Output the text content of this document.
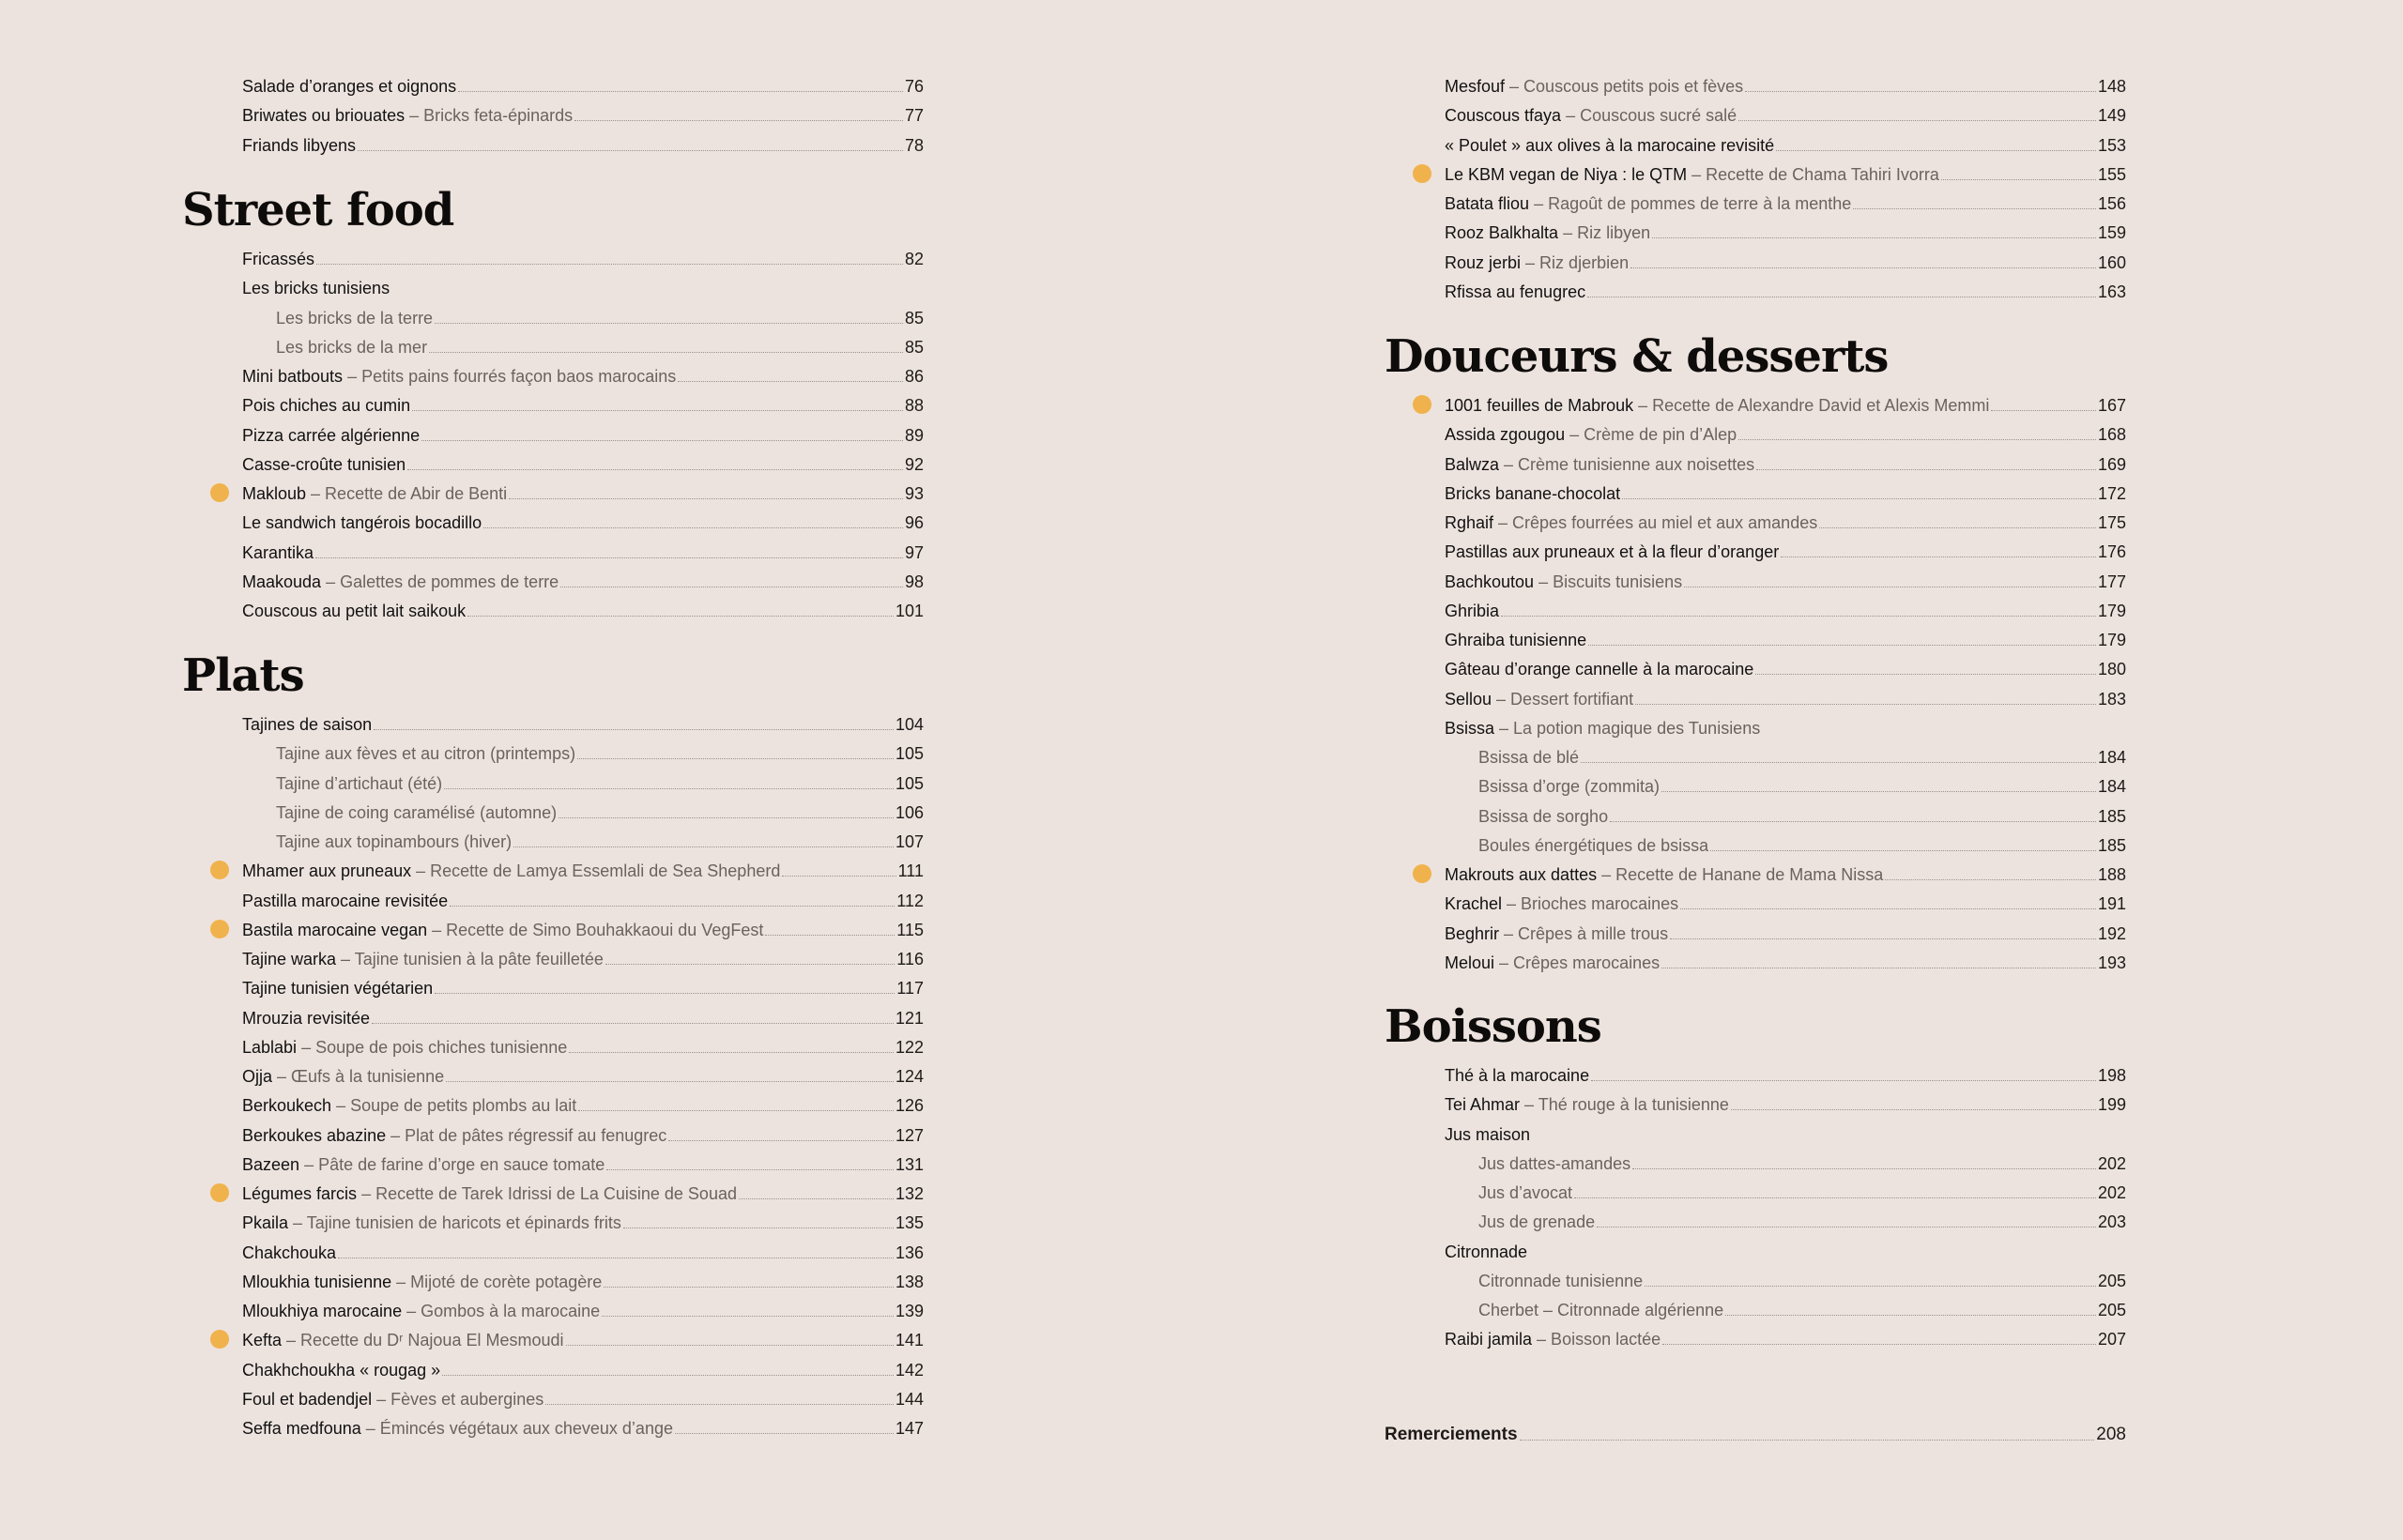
Salade d’oranges et oignons	76
Briwates ou briouates – Bricks feta-épinards	77
Friands libyens	78
Street food
Fricassés	82
Les bricks tunisiens
Les bricks de la terre	85
Les bricks de la mer	85
Mini batbouts – Petits pains fourrés façon baos marocains	86
Pois chiches au cumin	88
Pizza carrée algérienne	89
Casse-croûte tunisien	92
Makloub – Recette de Abir de Benti	93
Le sandwich tangérois bocadillo	96
Karantika	97
Maakouda – Galettes de pommes de terre	98
Couscous au petit lait saikouk	101
Plats
Tajines de saison	104
Tajine aux fèves et au citron (printemps)	105
Tajine d’artichaut (été)	105
Tajine de coing caramélisé (automne)	106
Tajine aux topinambours (hiver)	107
Mhamer aux pruneaux – Recette de Lamya Essemlali de Sea Shepherd	111
Pastilla marocaine revisitée	112
Bastila marocaine vegan – Recette de Simo Bouhakkaoui du VegFest	115
Tajine warka – Tajine tunisien à la pâte feuilletée	116
Tajine tunisien végétarien	117
Mrouzia revisitée	121
Lablabi – Soupe de pois chiches tunisienne	122
Ojja – Œufs à la tunisienne	124
Berkoukech – Soupe de petits plombs au lait	126
Berkoukes abazine – Plat de pâtes régressif au fenugrec	127
Bazeen – Pâte de farine d’orge en sauce tomate	131
Légumes farcis – Recette de Tarek Idrissi de La Cuisine de Souad	132
Pkaila – Tajine tunisien de haricots et épinards frits	135
Chakchouka	136
Mloukhia tunisienne – Mijoté de corète potagère	138
Mloukhiya marocaine – Gombos à la marocaine	139
Kefta – Recette du Dʳ Najoua El Mesmoudi	141
Chakhchoukha « rougag »	142
Foul et badendjel – Fèves et aubergines	144
Seffa medfouna – Émincés végétaux aux cheveux d’ange	147
Mesfouf – Couscous petits pois et fèves	148
Couscous tfaya – Couscous sucré salé	149
« Poulet » aux olives à la marocaine revisité	153
Le KBM vegan de Niya : le QTM – Recette de Chama Tahiri Ivorra	155
Batata fliou – Ragoût de pommes de terre à la menthe	156
Rooz Balkhalta – Riz libyen	159
Rouz jerbi – Riz djerbien	160
Rfissa au fenugrec	163
Douceurs & desserts
1001 feuilles de Mabrouk – Recette de Alexandre David et Alexis Memmi	167
Assida zgougou – Crème de pin d’Alep	168
Balwza – Crème tunisienne aux noisettes	169
Bricks banane-chocolat	172
Rghaif – Crêpes fourrées au miel et aux amandes	175
Pastillas aux pruneaux et à la fleur d’oranger	176
Bachkoutou – Biscuits tunisiens	177
Ghribia	179
Ghraiba tunisienne	179
Gâteau d’orange cannelle à la marocaine	180
Sellou – Dessert fortifiant	183
Bsissa – La potion magique des Tunisiens
Bsissa de blé	184
Bsissa d’orge (zommita)	184
Bsissa de sorgho	185
Boules énergétiques de bsissa	185
Makrouts aux dattes – Recette de Hanane de Mama Nissa	188
Krachel – Brioches marocaines	191
Beghrir – Crêpes à mille trous	192
Meloui – Crêpes marocaines	193
Boissons
Thé à la marocaine	198
Tei Ahmar – Thé rouge à la tunisienne	199
Jus maison
Jus dattes-amandes	202
Jus d’avocat	202
Jus de grenade	203
Citronnade
Citronnade tunisienne	205
Cherbet – Citronnade algérienne	205
Raibi jamila – Boisson lactée	207
Remerciements	208
